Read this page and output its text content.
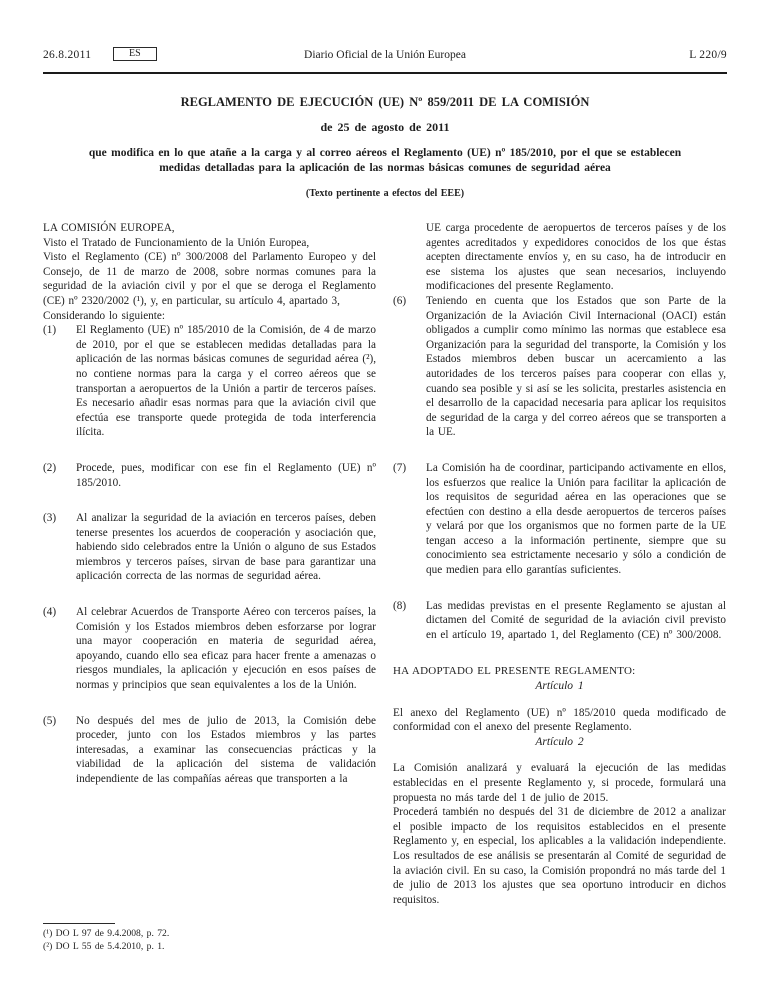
26.8.2011	ES	Diario Oficial de la Unión Europea	L 220/9
REGLAMENTO DE EJECUCIÓN (UE) Nº 859/2011 DE LA COMISIÓN
de 25 de agosto de 2011
que modifica en lo que atañe a la carga y al correo aéreos el Reglamento (UE) nº 185/2010, por el que se establecen medidas detalladas para la aplicación de las normas básicas comunes de seguridad aérea
(Texto pertinente a efectos del EEE)

LA COMISIÓN EUROPEA,

Visto el Tratado de Funcionamiento de la Unión Europea,

Visto el Reglamento (CE) nº 300/2008 del Parlamento Europeo y del Consejo, de 11 de marzo de 2008, sobre normas comunes para la seguridad de la aviación civil y por el que se deroga el Reglamento (CE) nº 2320/2002 (¹), y, en particular, su artículo 4, apartado 3,

Considerando lo siguiente:

(1)	El Reglamento (UE) nº 185/2010 de la Comisión, de 4 de marzo de 2010, por el que se establecen medidas detalladas para la aplicación de las normas básicas comunes de seguridad aérea (²), no contiene normas para la carga y el correo aéreos que se transportan a aeropuertos de la Unión a partir de terceros países. Es necesario añadir esas normas para que la aviación civil que efectúa ese transporte quede protegida de toda interferencia ilícita.
(2)	Procede, pues, modificar con ese fin el Reglamento (UE) nº 185/2010.
(3)	Al analizar la seguridad de la aviación en terceros países, deben tenerse presentes los acuerdos de cooperación y asociación que, habiendo sido celebrados entre la Unión o alguno de sus Estados miembros y terceros países, sirvan de base para garantizar una aplicación correcta de las normas de seguridad aérea.
(4)	Al celebrar Acuerdos de Transporte Aéreo con terceros países, la Comisión y los Estados miembros deben esforzarse por lograr una mayor cooperación en materia de seguridad aérea, apoyando, cuando ello sea eficaz para hacer frente a amenazas o riesgos mundiales, la aplicación y ejecución en esos países de normas y principios que sean equivalentes a los de la Unión.
(5)	No después del mes de julio de 2013, la Comisión debe proceder, junto con los Estados miembros y las partes interesadas, a examinar las consecuencias prácticas y la viabilidad de la aplicación del sistema de validación independiente de las compañías aéreas que transporten a la
(¹) DO L 97 de 9.4.2008, p. 72.
(²) DO L 55 de 5.4.2010, p. 1.

UE carga procedente de aeropuertos de terceros países y de los agentes acreditados y expedidores conocidos de los que éstas acepten directamente envíos y, en su caso, ha de introducir en ese sistema los ajustes que sean necesarios, incluyendo modificaciones del presente Reglamento.

(6)	Teniendo en cuenta que los Estados que son Parte de la Organización de la Aviación Civil Internacional (OACI) están obligados a cumplir como mínimo las normas que establece esa Organización para la seguridad del transporte, la Comisión y los Estados miembros deben buscar un acercamiento a las autoridades de los terceros países para cooperar con ellas y, cuando sea posible y si así se les solicita, prestarles asistencia en el desarrollo de la capacidad necesaria para aplicar los requisitos de seguridad de la carga y del correo aéreos que se transporten a la UE.
(7)	La Comisión ha de coordinar, participando activamente en ellos, los esfuerzos que realice la Unión para facilitar la aplicación de los requisitos de seguridad aérea en las operaciones que se efectúen con destino a ella desde aeropuertos de terceros países y velará por que los organismos que no formen parte de la UE tengan acceso a la información pertinente, siempre que su conocimiento sea estrictamente necesario y sólo a condición de que medien para ello garantías suficientes.
(8)	Las medidas previstas en el presente Reglamento se ajustan al dictamen del Comité de seguridad de la aviación civil previsto en el artículo 19, apartado 1, del Reglamento (CE) nº 300/2008.

HA ADOPTADO EL PRESENTE REGLAMENTO:

Artículo 1

El anexo del Reglamento (UE) nº 185/2010 queda modificado de conformidad con el anexo del presente Reglamento.

Artículo 2

La Comisión analizará y evaluará la ejecución de las medidas establecidas en el presente Reglamento y, si procede, formulará una propuesta no más tarde del 1 de julio de 2015.

Procederá también no después del 31 de diciembre de 2012 a analizar el posible impacto de los requisitos establecidos en el presente Reglamento y, en especial, los aplicables a la validación independiente. Los resultados de ese análisis se presentarán al Comité de seguridad de la aviación civil. En su caso, la Comisión propondrá no más tarde del 1 de julio de 2013 los ajustes que sea oportuno introducir en dichos requisitos.
